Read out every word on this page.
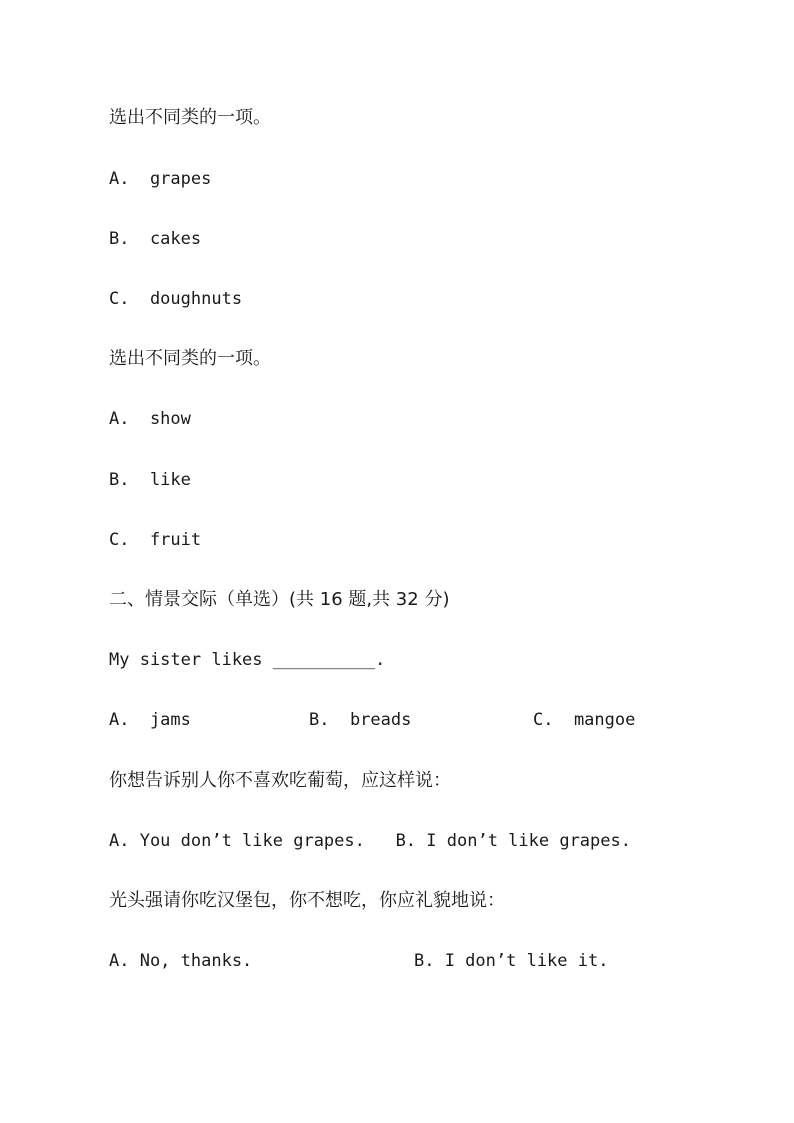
选出不同类的一项。
A.  grapes
B.  cakes
C.  doughnuts
选出不同类的一项。
A.  show
B.  like
C.  fruit
二、情景交际（单选）(共 16 题,共 32 分)
My sister likes __________.
A.  jams	B.  breads	C.  mangoe
你想告诉别人你不喜欢吃葡萄，应这样说：
A. You don’t like grapes.   B. I don’t like grapes.
光头强请你吃汉堡包，你不想吃，你应礼貌地说：
A. No, thanks.	B. I don’t like it.
